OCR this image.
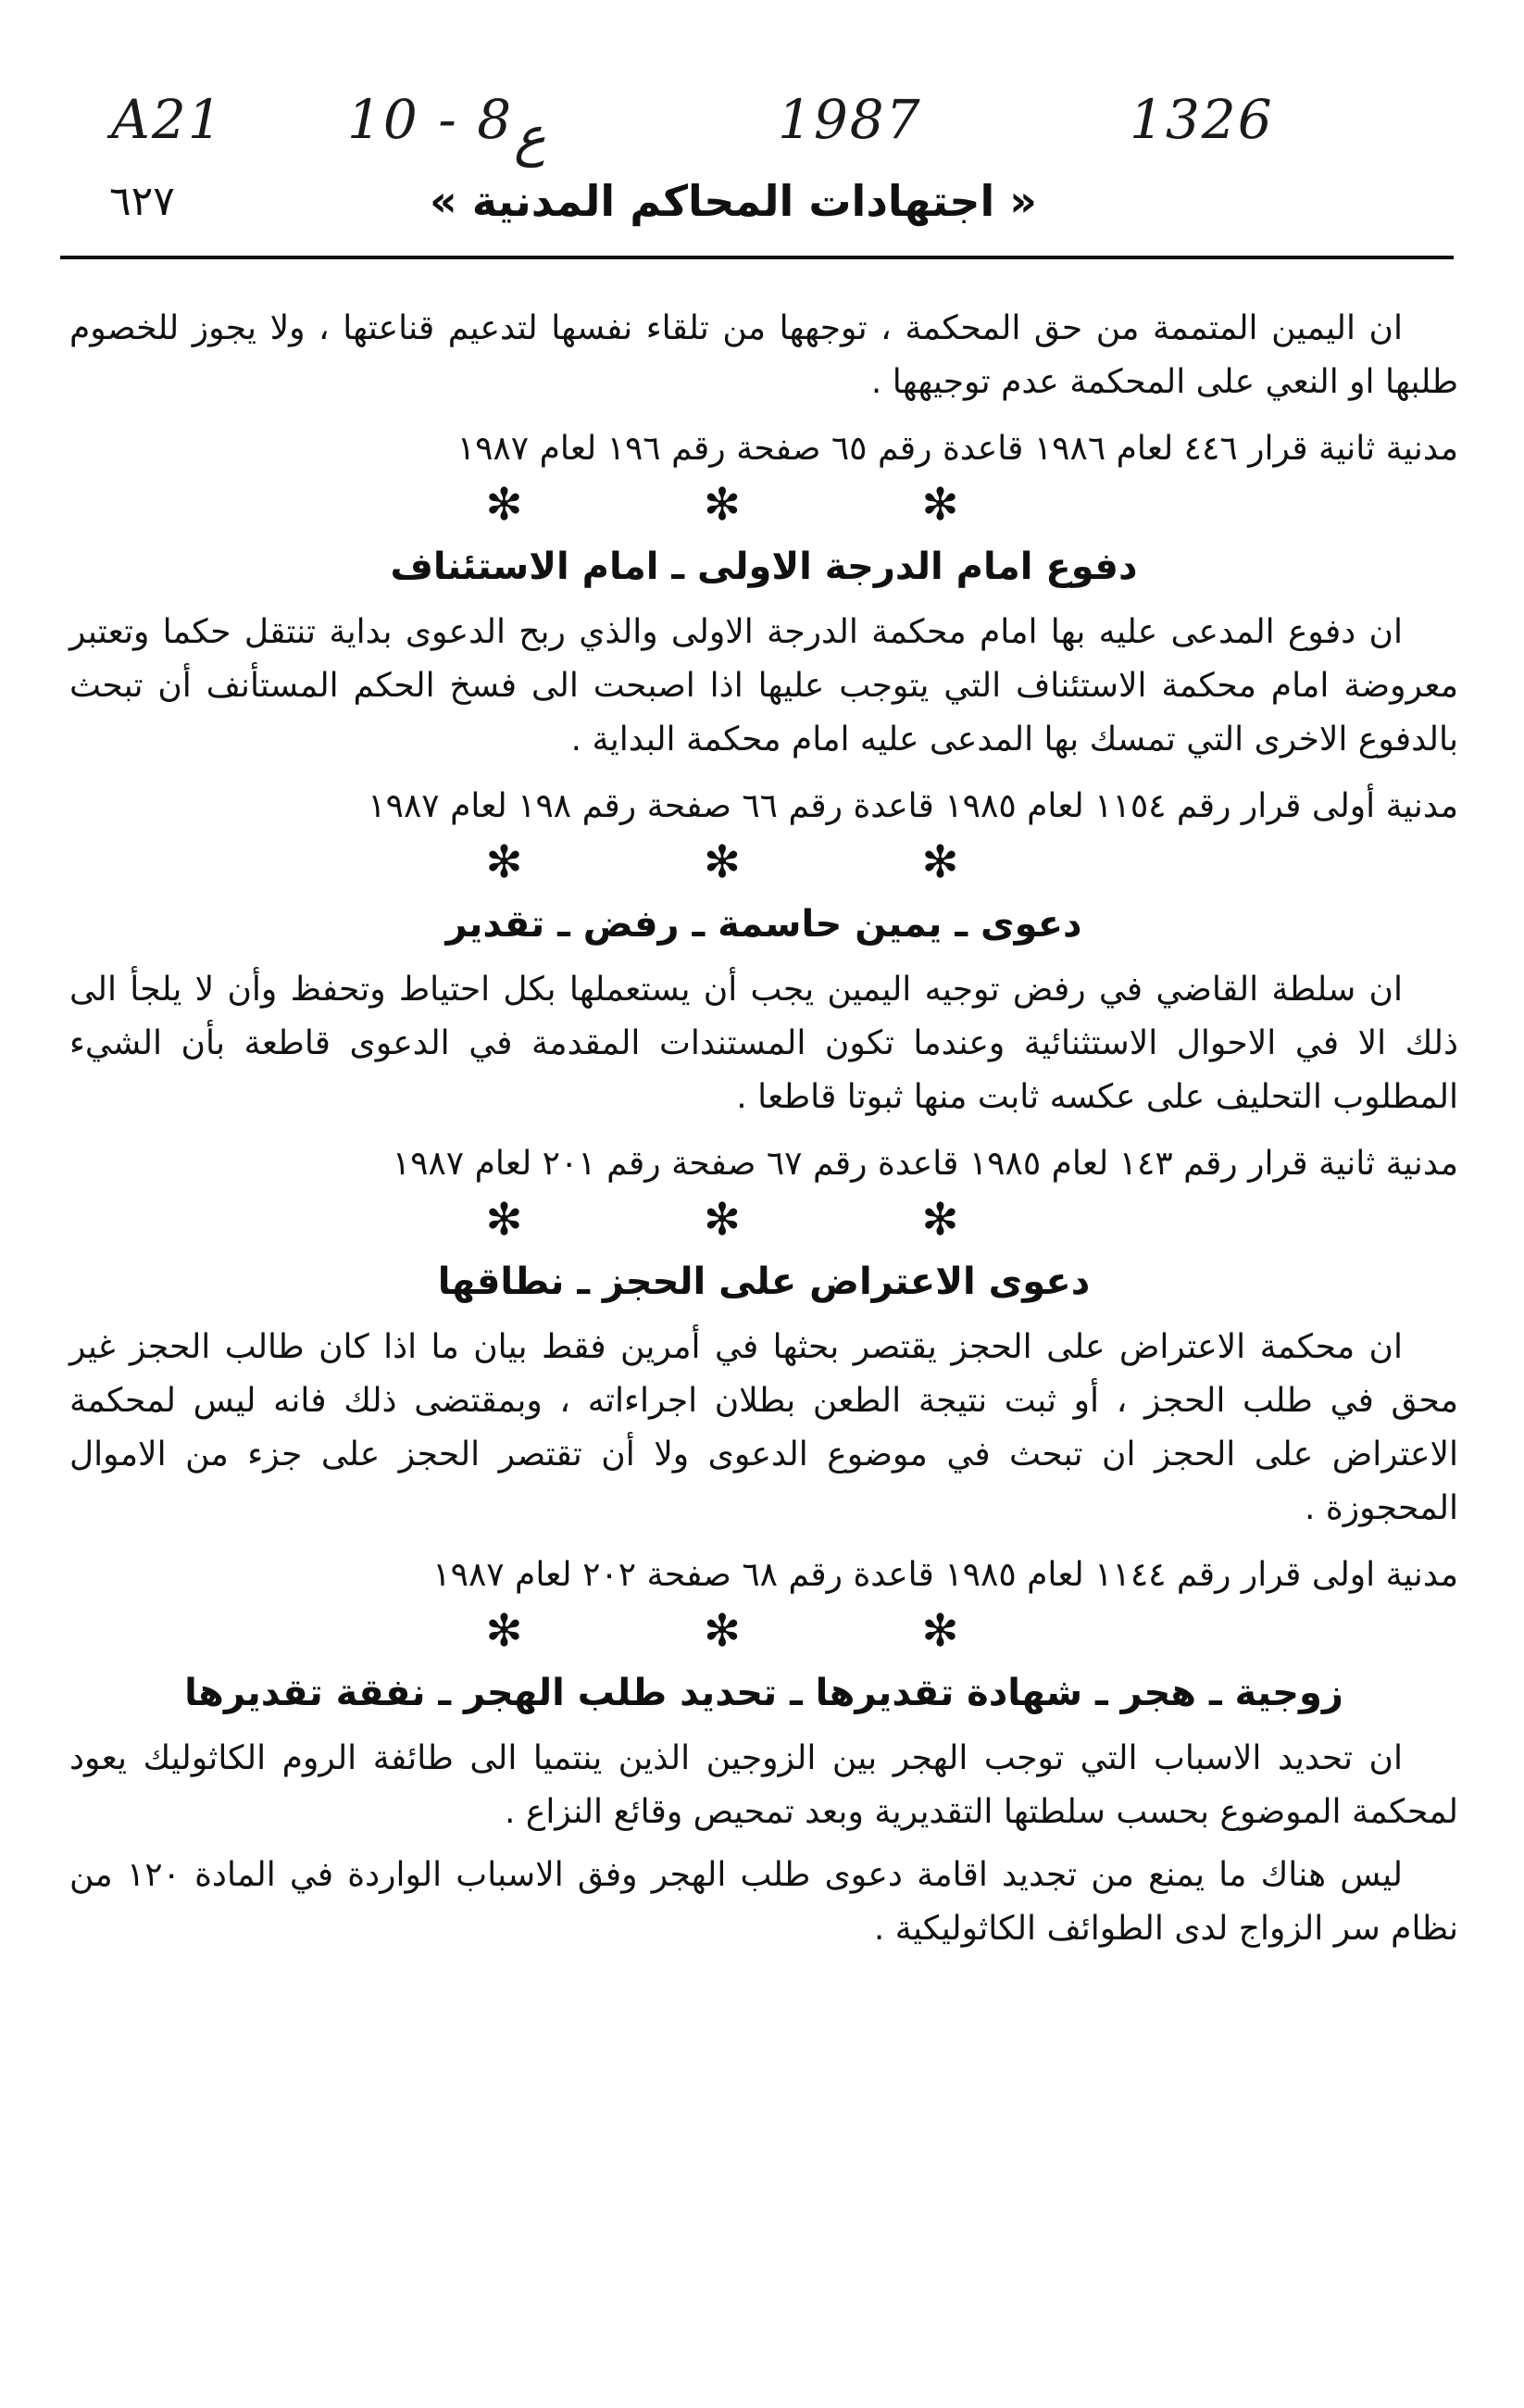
A21 10 - 8 ع	1987	1326
٦٢٧	« اجتهادات المحاكم المدنية »

ان اليمين المتممة من حق المحكمة ، توجهها من تلقاء نفسها لتدعيم قناعتها ، ولا يجوز للخصوم طلبها او النعي على المحكمة عدم توجيهها .

مدنية ثانية قرار ٤٤٦ لعام ١٩٨٦ قاعدة رقم ٦٥ صفحة رقم ١٩٦ لعام ١٩٨٧

✻ ✻ ✻
دفوع امام الدرجة الاولى ـ امام الاستئناف

ان دفوع المدعى عليه بها امام محكمة الدرجة الاولى والذي ربح الدعوى بداية تنتقل حكما وتعتبر معروضة امام محكمة الاستئناف التي يتوجب عليها اذا اصبحت الى فسخ الحكم المستأنف أن تبحث بالدفوع الاخرى التي تمسك بها المدعى عليه امام محكمة البداية .

مدنية أولى قرار رقم ١١٥٤ لعام ١٩٨٥ قاعدة رقم ٦٦ صفحة رقم ١٩٨ لعام ١٩٨٧

✻ ✻ ✻
دعوى ـ يمين حاسمة ـ رفض ـ تقدير

ان سلطة القاضي في رفض توجيه اليمين يجب أن يستعملها بكل احتياط وتحفظ وأن لا يلجأ الى ذلك الا في الاحوال الاستثنائية وعندما تكون المستندات المقدمة في الدعوى قاطعة بأن الشيء المطلوب التحليف على عكسه ثابت منها ثبوتا قاطعا .

مدنية ثانية قرار رقم ١٤٣ لعام ١٩٨٥ قاعدة رقم ٦٧ صفحة رقم ٢٠١ لعام ١٩٨٧

✻ ✻ ✻
دعوى الاعتراض على الحجز ـ نطاقها

ان محكمة الاعتراض على الحجز يقتصر بحثها في أمرين فقط بيان ما اذا كان طالب الحجز غير محق في طلب الحجز ، أو ثبت نتيجة الطعن بطلان اجراءاته ، وبمقتضى ذلك فانه ليس لمحكمة الاعتراض على الحجز ان تبحث في موضوع الدعوى ولا أن تقتصر الحجز على جزء من الاموال المحجوزة .

مدنية اولى قرار رقم ١١٤٤ لعام ١٩٨٥ قاعدة رقم ٦٨ صفحة ٢٠٢ لعام ١٩٨٧

✻ ✻ ✻
زوجية ـ هجر ـ شهادة تقديرها ـ تحديد طلب الهجر ـ نفقة تقديرها

ان تحديد الاسباب التي توجب الهجر بين الزوجين الذين ينتميا الى طائفة الروم الكاثوليك يعود لمحكمة الموضوع بحسب سلطتها التقديرية وبعد تمحيص وقائع النزاع .

ليس هناك ما يمنع من تجديد اقامة دعوى طلب الهجر وفق الاسباب الواردة في المادة ١٢٠ من نظام سر الزواج لدى الطوائف الكاثوليكية .
